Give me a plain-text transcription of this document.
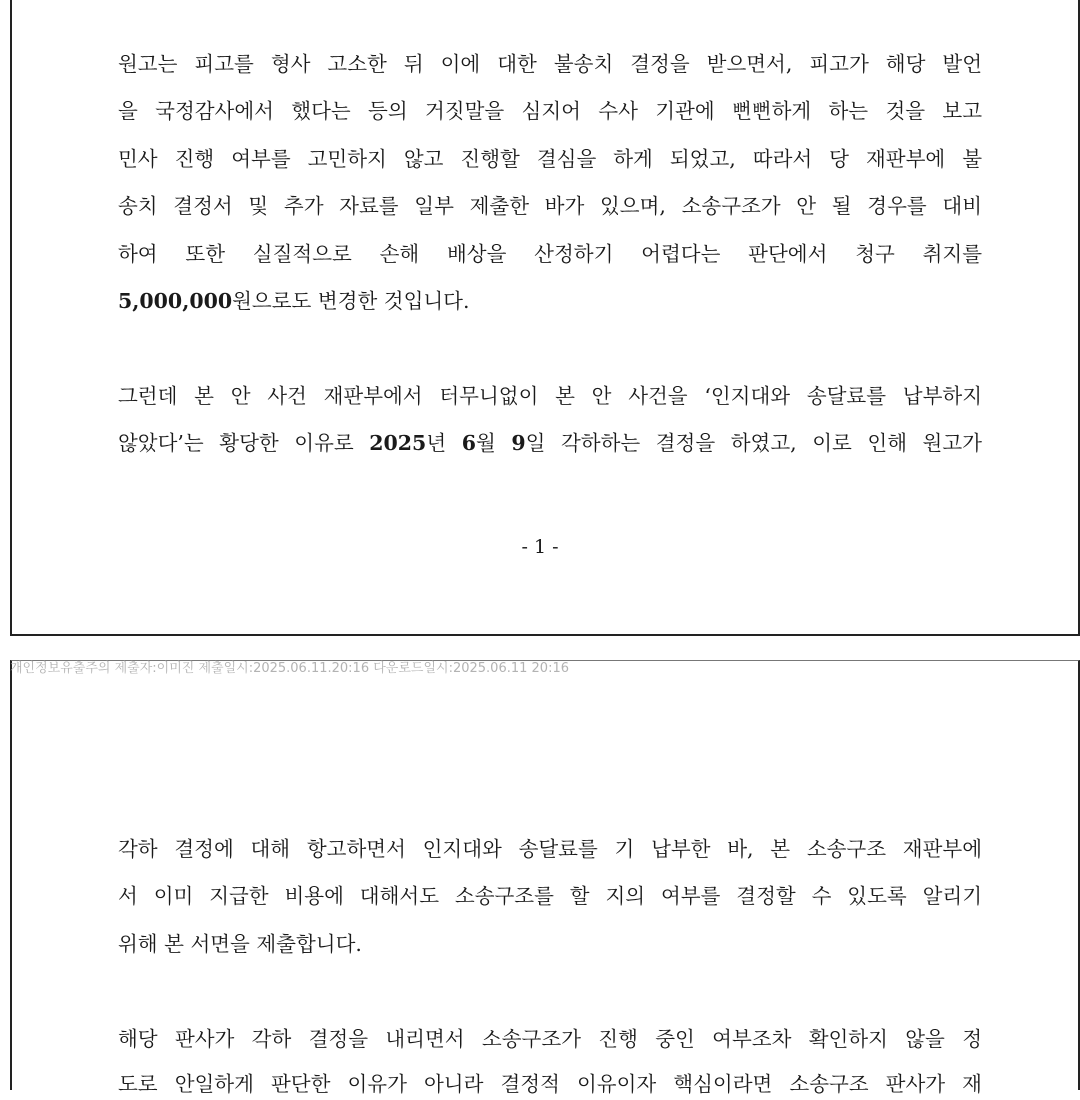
원고는 피고를 형사 고소한 뒤 이에 대한 불송치 결정을 받으면서, 피고가 해당 발언
을 국정감사에서 했다는 등의 거짓말을 심지어 수사 기관에 뻔뻔하게 하는 것을 보고
민사 진행 여부를 고민하지 않고 진행할 결심을 하게 되었고, 따라서 당 재판부에 불
송치 결정서 및 추가 자료를 일부 제출한 바가 있으며, 소송구조가 안 될 경우를 대비
하여 또한 실질적으로 손해 배상을 산정하기 어렵다는 판단에서 청구 취지를
5,000,000원으로도 변경한 것입니다.
그런데 본 안 사건 재판부에서 터무니없이 본 안 사건을 ‘인지대와 송달료를 납부하지
않았다’는 황당한 이유로 2025년 6월 9일 각하하는 결정을 하였고, 이로 인해 원고가
- 1 -
개인정보유출주의 제출자:이미진 제출일시:2025.06.11.20:16 다운로드일시:2025.06.11 20:16
각하 결정에 대해 항고하면서 인지대와 송달료를 기 납부한 바, 본 소송구조 재판부에
서 이미 지급한 비용에 대해서도 소송구조를 할 지의 여부를 결정할 수 있도록 알리기
위해 본 서면을 제출합니다.
해당 판사가 각하 결정을 내리면서 소송구조가 진행 중인 여부조차 확인하지 않을 정
도로 안일하게 판단한 이유가 아니라 결정적 이유이자 핵심이라면 소송구조 판사가 재
